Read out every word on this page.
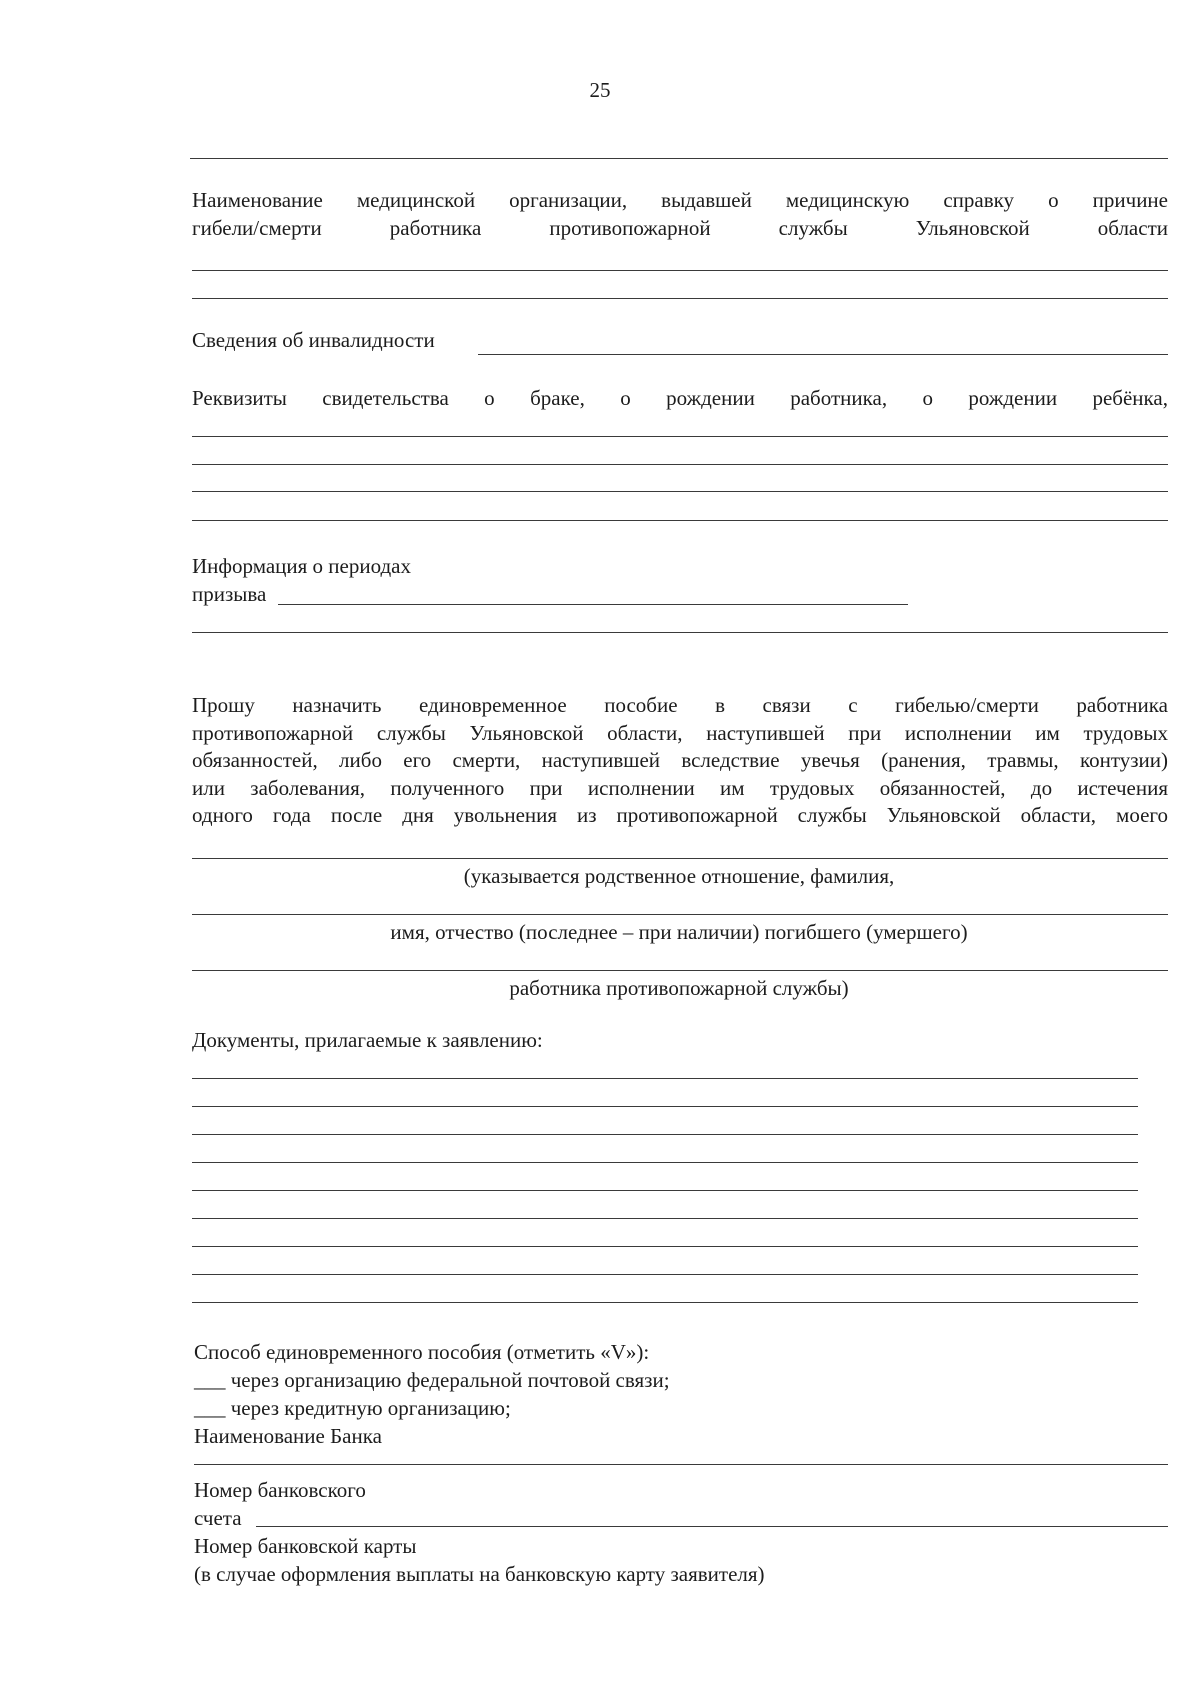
25
Наименование медицинской организации, выдавшей медицинскую справку о причине
гибели/смерти работника противопожарной службы Ульяновской области
Сведения об инвалидности
Реквизиты свидетельства о браке, о рождении работника, о рождении ребёнка,
Информация о периодах
призыва
Прошу назначить единовременное пособие в связи с гибелью/смерти работника
противопожарной службы Ульяновской области, наступившей при исполнении им трудовых
обязанностей, либо его смерти, наступившей вследствие увечья (ранения, травмы, контузии)
или заболевания, полученного при исполнении им трудовых обязанностей, до истечения
одного года после дня увольнения из противопожарной службы Ульяновской области, моего
(указывается родственное отношение, фамилия,
имя, отчество (последнее – при наличии) погибшего (умершего)
работника противопожарной службы)
Документы, прилагаемые к заявлению:
Способ единовременного пособия (отметить «V»):
___ через организацию федеральной почтовой связи;
___ через кредитную организацию;
Наименование Банка
Номер банковского
счета
Номер банковской карты
(в случае оформления выплаты на банковскую карту заявителя)
